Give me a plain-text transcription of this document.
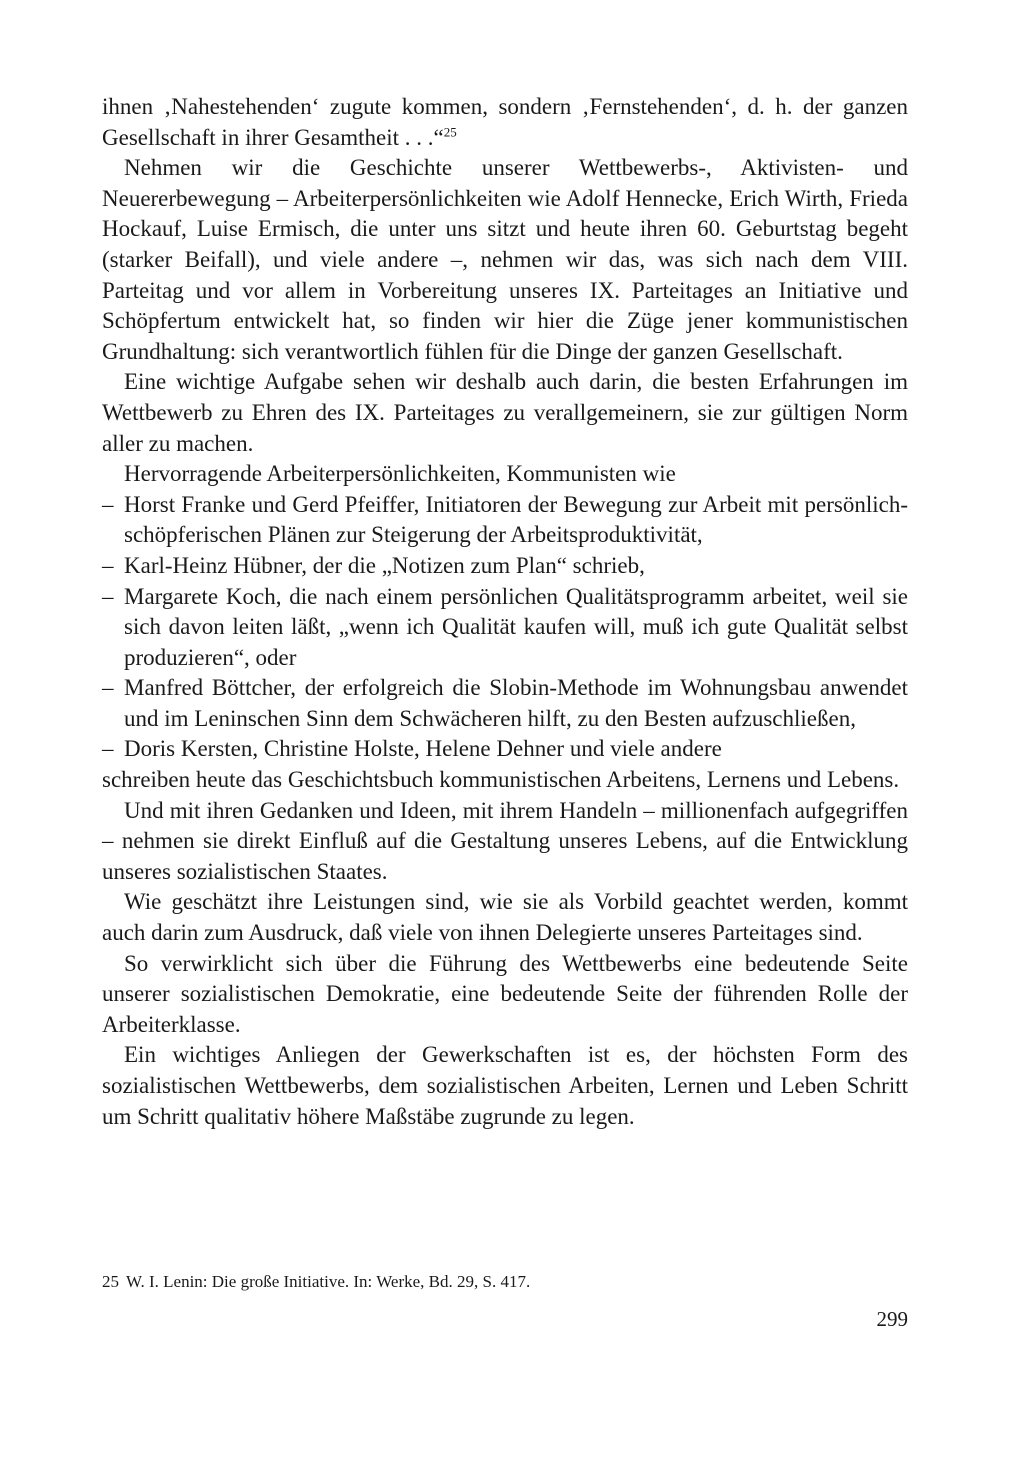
ihnen ‚Nahestehenden‘ zugute kommen, sondern ‚Fernstehenden‘, d. h. der ganzen Gesellschaft in ihrer Gesamtheit . . .“$^{25}$

Nehmen wir die Geschichte unserer Wettbewerbs-, Aktivisten- und Neuererbewegung – Arbeiterpersönlichkeiten wie Adolf Hennecke, Erich Wirth, Frieda Hockauf, Luise Ermisch, die unter uns sitzt und heute ihren 60. Geburtstag begeht (starker Beifall), und viele andere –, nehmen wir das, was sich nach dem VIII. Parteitag und vor allem in Vorbereitung unseres IX. Parteitages an Initiative und Schöpfertum entwickelt hat, so finden wir hier die Züge jener kommunistischen Grundhaltung: sich verantwortlich fühlen für die Dinge der ganzen Gesellschaft.

Eine wichtige Aufgabe sehen wir deshalb auch darin, die besten Erfahrungen im Wettbewerb zu Ehren des IX. Parteitages zu verallgemeinern, sie zur gültigen Norm aller zu machen.

Hervorragende Arbeiterpersönlichkeiten, Kommunisten wie

– Horst Franke und Gerd Pfeiffer, Initiatoren der Bewegung zur Arbeit mit persönlich-schöpferischen Plänen zur Steigerung der Arbeitsproduktivität,
– Karl-Heinz Hübner, der die „Notizen zum Plan“ schrieb,
– Margarete Koch, die nach einem persönlichen Qualitätsprogramm arbeitet, weil sie sich davon leiten läßt, „wenn ich Qualität kaufen will, muß ich gute Qualität selbst produzieren“, oder
– Manfred Böttcher, der erfolgreich die Slobin-Methode im Wohnungsbau anwendet und im Leninschen Sinn dem Schwächeren hilft, zu den Besten aufzuschließen,
– Doris Kersten, Christine Holste, Helene Dehner und viele andere

schreiben heute das Geschichtsbuch kommunistischen Arbeitens, Lernens und Lebens.

Und mit ihren Gedanken und Ideen, mit ihrem Handeln – millionenfach aufgegriffen – nehmen sie direkt Einfluß auf die Gestaltung unseres Lebens, auf die Entwicklung unseres sozialistischen Staates.

Wie geschätzt ihre Leistungen sind, wie sie als Vorbild geachtet werden, kommt auch darin zum Ausdruck, daß viele von ihnen Delegierte unseres Parteitages sind.

So verwirklicht sich über die Führung des Wettbewerbs eine bedeutende Seite unserer sozialistischen Demokratie, eine bedeutende Seite der führenden Rolle der Arbeiterklasse.

Ein wichtiges Anliegen der Gewerkschaften ist es, der höchsten Form des sozialistischen Wettbewerbs, dem sozialistischen Arbeiten, Lernen und Leben Schritt um Schritt qualitativ höhere Maßstäbe zugrunde zu legen.

25 W. I. Lenin: Die große Initiative. In: Werke, Bd. 29, S. 417.
299
